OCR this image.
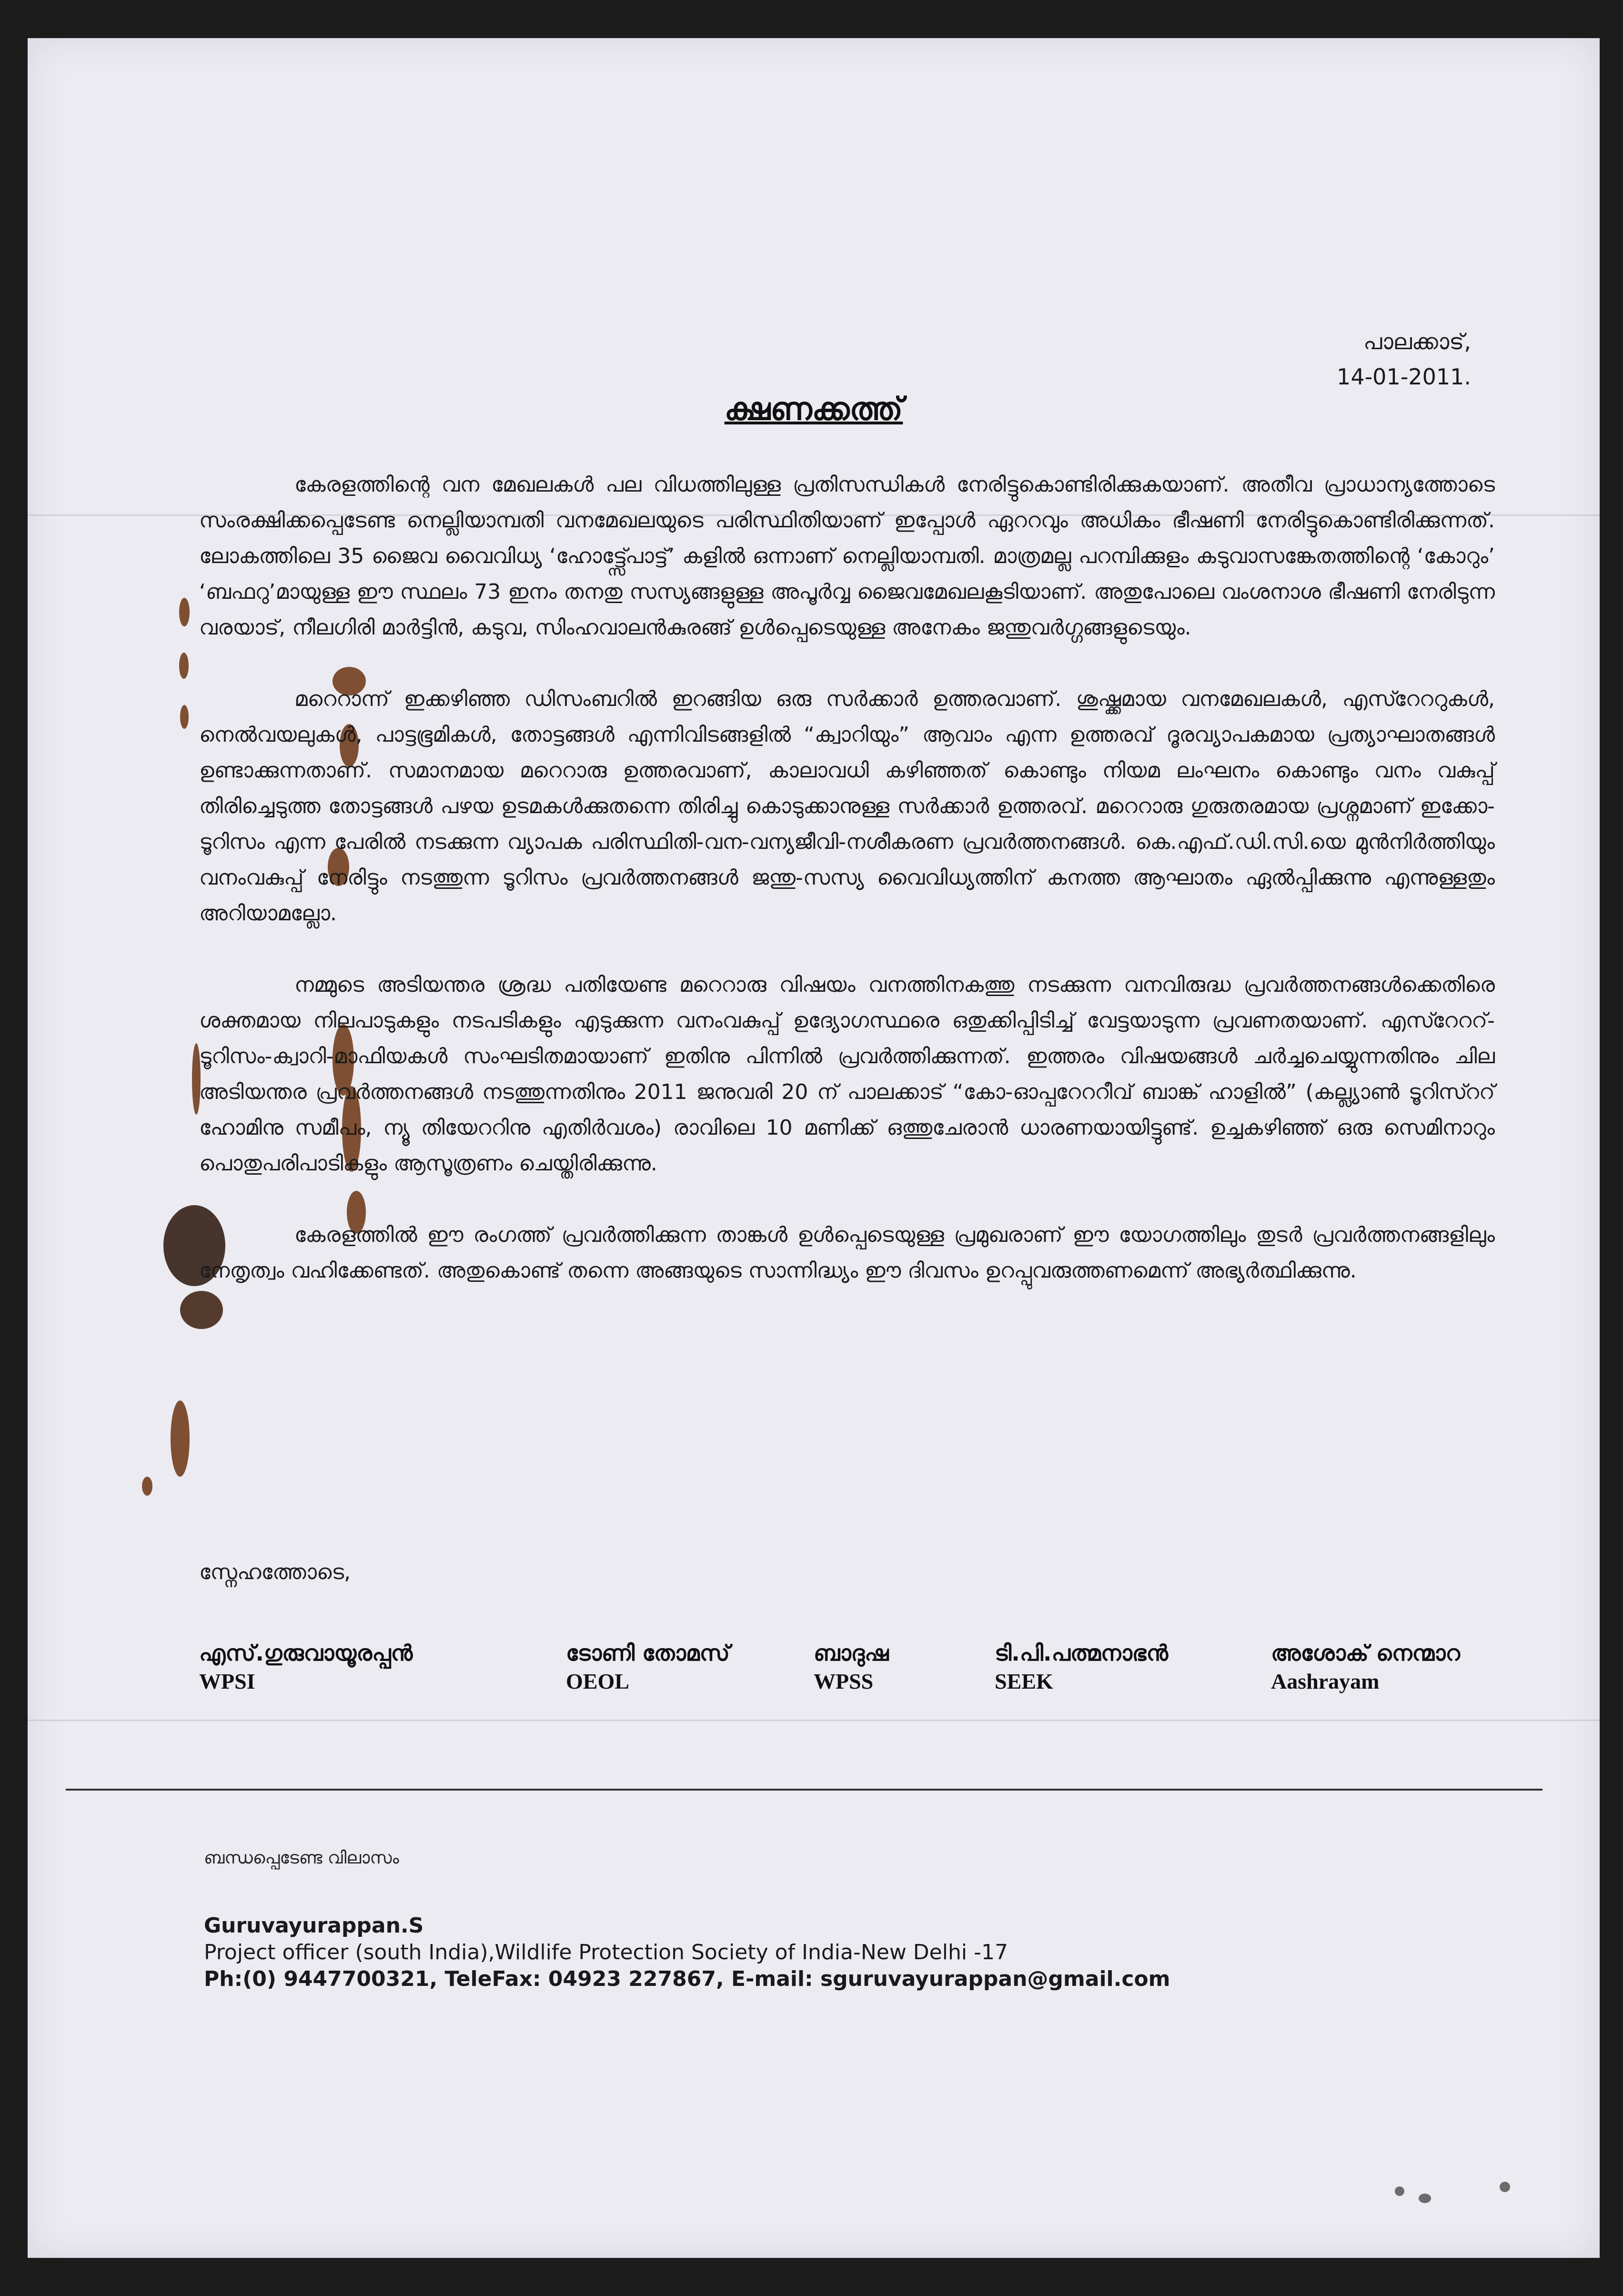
പാലക്കാട്,
14-01-2011.
ക്ഷണക്കത്ത്

കേരളത്തിന്റെ വന മേഖലകൾ പല വിധത്തിലുള്ള പ്രതിസന്ധികൾ നേരിട്ടുകൊണ്ടിരിക്കുകയാണ്. അതീവ പ്രാധാന്യത്തോടെ സംരക്ഷിക്കപ്പെടേണ്ട നെല്ലിയാമ്പതി വനമേഖലയുടെ പരിസ്ഥിതിയാണ് ഇപ്പോൾ ഏററവും അധികം ഭീഷണി നേരിട്ടുകൊണ്ടിരിക്കുന്നത്. ലോകത്തിലെ 35 ജൈവ വൈവിധ്യ ‘ഹോട്ട്സ്പോട്ട്’ കളിൽ ഒന്നാണ് നെല്ലിയാമ്പതി. മാത്രമല്ല പറമ്പിക്കുളം കടുവാസങ്കേതത്തിന്റെ ‘കോറും’ ‘ബഫറു’മായുള്ള ഈ സ്ഥലം 73 ഇനം തനതു സസ്യങ്ങളുള്ള അപൂർവ്വ ജൈവമേഖലകൂടിയാണ്. അതുപോലെ വംശനാശ ഭീഷണി നേരിടുന്ന വരയാട്, നീലഗിരി മാർട്ടിൻ, കടുവ, സിംഹവാലൻകുരങ്ങ് ഉൾപ്പെടെയുള്ള അനേകം ജന്തുവർഗ്ഗങ്ങളുടെയും.

മറെറാന്ന് ഇക്കഴിഞ്ഞ ഡിസംബറിൽ ഇറങ്ങിയ ഒരു സർക്കാർ ഉത്തരവാണ്. ശുഷ്ക്കമായ വനമേഖലകൾ, എസ്റേററുകൾ, നെൽവയലുകൾ, പാട്ടഭൂമികൾ, തോട്ടങ്ങൾ എന്നിവിടങ്ങളിൽ “ക്വാറിയും” ആവാം എന്ന ഉത്തരവ് ദൂരവ്യാപകമായ പ്രത്യാഘാതങ്ങൾ ഉണ്ടാക്കുന്നതാണ്. സമാനമായ മറെറാരു ഉത്തരവാണ്, കാലാവധി കഴിഞ്ഞത് കൊണ്ടും നിയമ ലംഘനം കൊണ്ടും വനം വകുപ്പ് തിരിച്ചെടുത്ത തോട്ടങ്ങൾ പഴയ ഉടമകൾക്കുതന്നെ തിരിച്ചു കൊടുക്കാനുള്ള സർക്കാർ ഉത്തരവ്. മറെറാരു ഗുരുതരമായ പ്രശ്നമാണ് ഇക്കോ-ടൂറിസം എന്ന പേരിൽ നടക്കുന്ന വ്യാപക പരിസ്ഥിതി-വന-വന്യജീവി-നശീകരണ പ്രവർത്തനങ്ങൾ. കെ.എഫ്.ഡി.സി.യെ മുൻനിർത്തിയും വനംവകുപ്പ് നേരിട്ടും നടത്തുന്ന ടൂറിസം പ്രവർത്തനങ്ങൾ ജന്തു-സസ്യ വൈവിധ്യത്തിന് കനത്ത ആഘാതം ഏൽപ്പിക്കുന്നു എന്നുള്ളതും അറിയാമല്ലോ.

നമ്മുടെ അടിയന്തര ശ്രദ്ധ പതിയേണ്ട മറെറാരു വിഷയം വനത്തിനകത്തു നടക്കുന്ന വനവിരുദ്ധ പ്രവർത്തനങ്ങൾക്കെതിരെ ശക്തമായ നിലപാടുകളും നടപടികളും എടുക്കുന്ന വനംവകുപ്പ് ഉദ്യോഗസ്ഥരെ ഒതുക്കിപ്പിടിച്ച് വേട്ടയാടുന്ന പ്രവണതയാണ്. എസ്റേററ്-ടൂറിസം-ക്വാറി-മാഫിയകൾ സംഘടിതമായാണ് ഇതിനു പിന്നിൽ പ്രവർത്തിക്കുന്നത്. ഇത്തരം വിഷയങ്ങൾ ചർച്ചചെയ്യുന്നതിനും ചില അടിയന്തര പ്രവർത്തനങ്ങൾ നടത്തുന്നതിനും 2011 ജനുവരി 20 ന് പാലക്കാട് “കോ-ഓപ്പറേററീവ് ബാങ്ക് ഹാളിൽ” (കല്ല്യാൺ ടൂറിസ്ററ് ഹോമിനു സമീപം, ന്യൂ തിയേററിനു എതിർവശം) രാവിലെ 10 മണിക്ക് ഒത്തുചേരാൻ ധാരണയായിട്ടുണ്ട്. ഉച്ചകഴിഞ്ഞ് ഒരു സെമിനാറും പൊതുപരിപാടികളും ആസൂത്രണം ചെയ്തിരിക്കുന്നു.

കേരളത്തിൽ ഈ രംഗത്ത് പ്രവർത്തിക്കുന്ന താങ്കൾ ഉൾപ്പെടെയുള്ള പ്രമുഖരാണ് ഈ യോഗത്തിലും തുടർ പ്രവർത്തനങ്ങളിലും നേതൃത്വം വഹിക്കേണ്ടത്. അതുകൊണ്ട് തന്നെ അങ്ങയുടെ സാന്നിദ്ധ്യം ഈ ദിവസം ഉറപ്പുവരുത്തണമെന്ന് അഭ്യർത്ഥിക്കുന്നു.

സ്നേഹത്തോടെ,
എസ്.ഗുരുവായൂരപ്പൻ
WPSI
ടോണി തോമസ്
OEOL
ബാദുഷ
WPSS
ടി.പി.പത്മനാഭൻ
SEEK
അശോക് നെന്മാറ
Aashrayam
ബന്ധപ്പെടേണ്ട വിലാസം
Guruvayurappan.S
Project officer (south India),Wildlife Protection Society of India-New Delhi -17
Ph:(0) 9447700321, TeleFax: 04923 227867, E-mail: sguruvayurappan@gmail.com
